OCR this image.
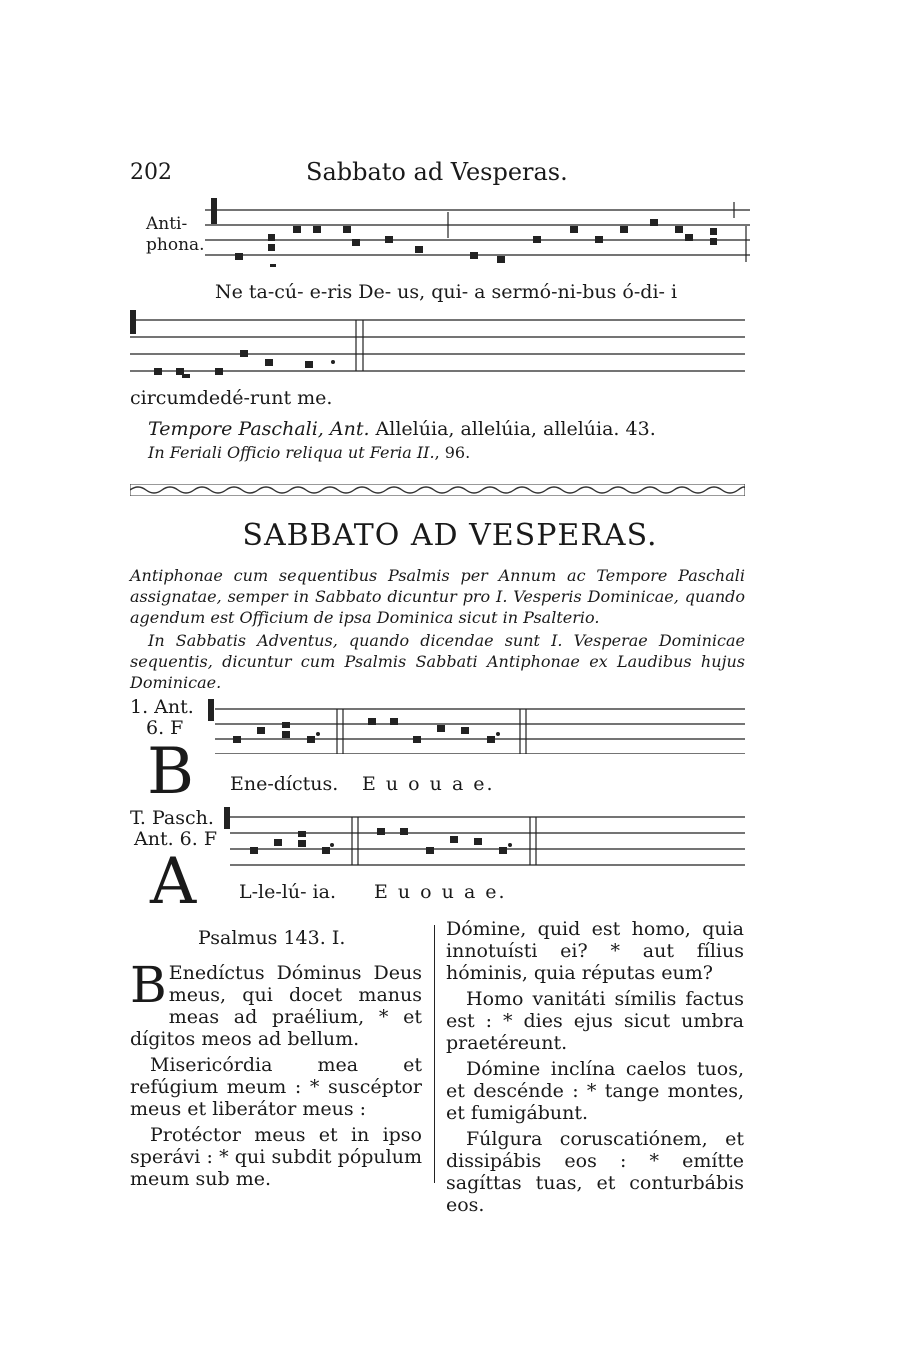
202	Sabbato ad Vesperas.
Anti-
phona.
Ne ta-cú- e-ris De- us, qui- a sermó-ni-bus ó-di- i
circumdedé-runt me.
Tempore Paschali, Ant. Allelúia, allelúia, allelúia. 43.
In Feriali Officio reliqua ut Feria II., 96.
SABBATO AD VESPERAS.
Antiphonae cum sequentibus Psalmis per Annum ac Tempore Paschali assignatae, semper in Sabbato dicuntur pro I. Vesperis Dominicae, quando agendum est Officium de ipsa Dominica sicut in Psalterio.
In Sabbatis Adventus, quando dicendae sunt I. Vesperae Dominicae sequentis, dicuntur cum Psalmis Sabbati Antiphonae ex Laudibus hujus Dominicae.
1. Ant.
6. F
B Ene-díctus. E u o u a e.
T. Pasch.
Ant. 6. F
A L-le-lú- ia. E u o u a e.
Psalmus 143. I.

B Enedíctus Dóminus Deus meus, qui docet manus meas ad praélium, * et dígitos meos ad bellum.

Misericórdia mea et refúgium meum : * suscéptor meus et liberátor meus :

Protéctor meus et in ipso sperávi : * qui subdit pópulum meum sub me.

Dómine, quid est homo, quia innotuísti ei? * aut fílius hóminis, quia réputas eum?

Homo vanitáti símilis factus est : * dies ejus sicut umbra praetéreunt.

Dómine inclína caelos tuos, et descénde : * tange montes, et fumigábunt.

Fúlgura coruscatiónem, et dissipábis eos : * emítte sagíttas tuas, et conturbábis eos.
